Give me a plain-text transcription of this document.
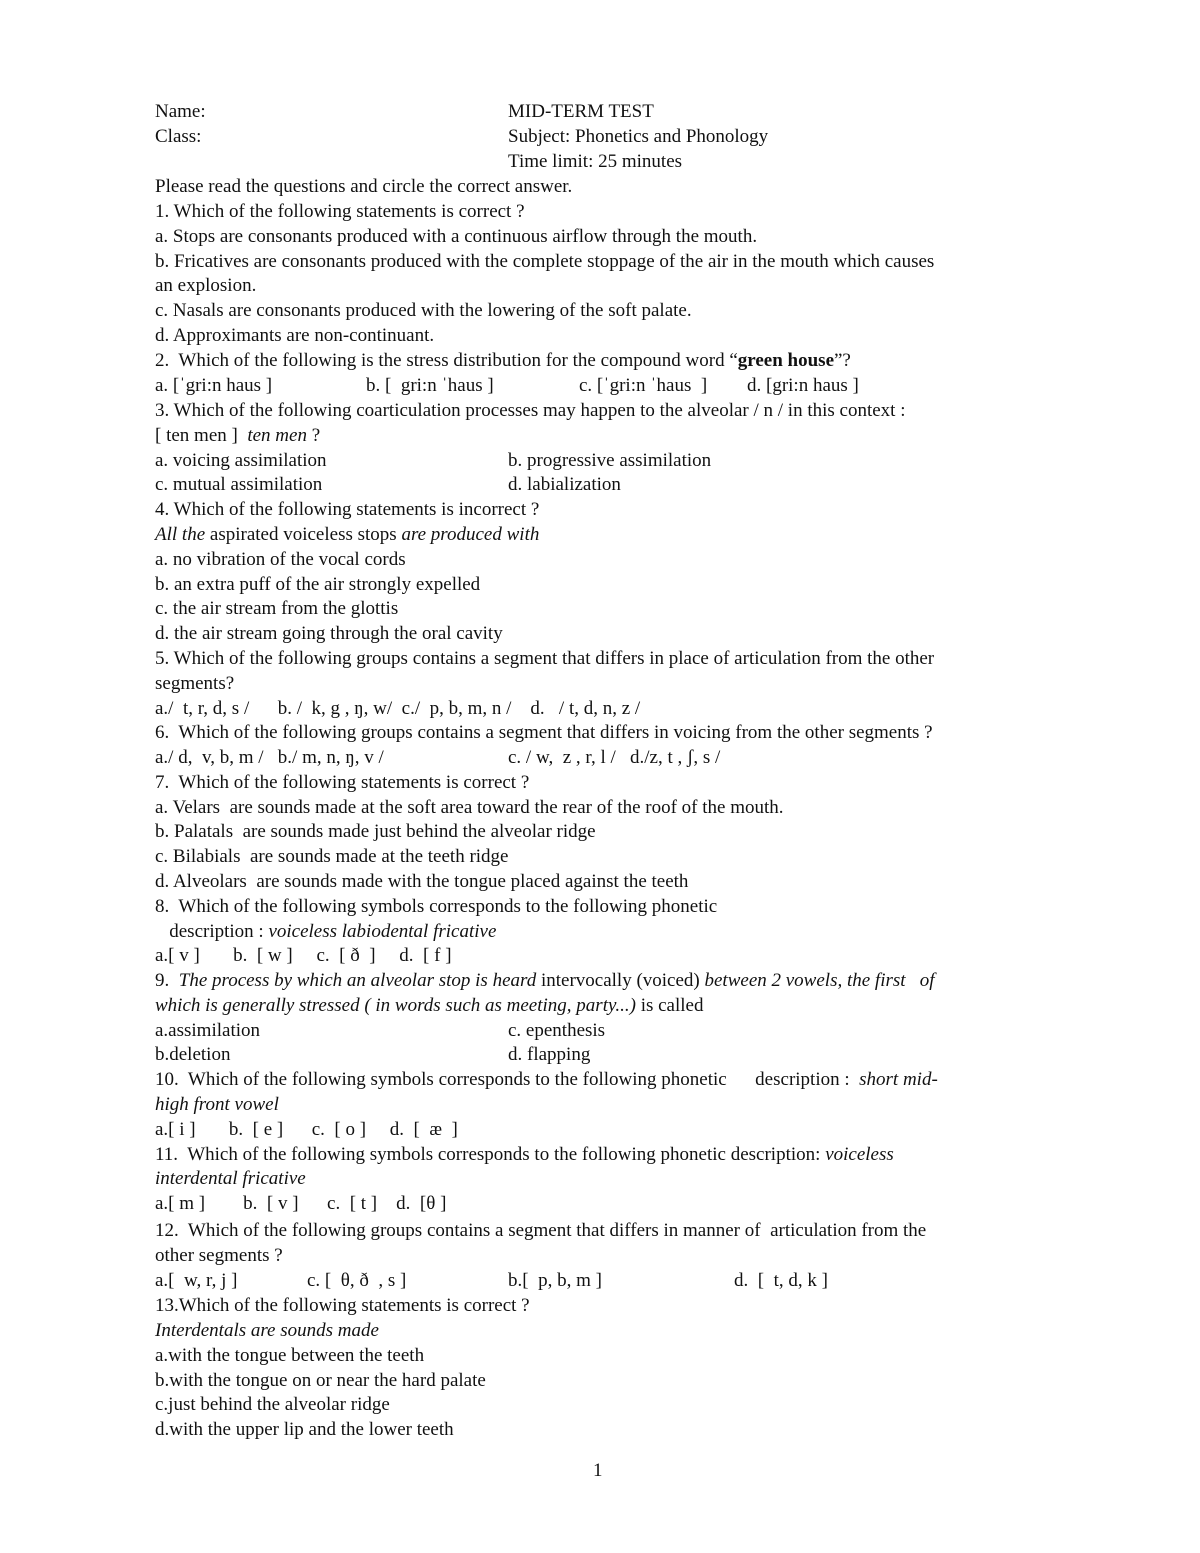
Name:	MID-TERM TEST
Class:	Subject: Phonetics and Phonology
Time limit: 25 minutes
Please read the questions and circle the correct answer.
1. Which of the following statements is correct ?
a. Stops are consonants produced with a continuous airflow through the mouth.
b. Fricatives are consonants produced with the complete stoppage of the air in the mouth which causes
an explosion.
c. Nasals are consonants produced with the lowering of the soft palate.
d. Approximants are non-continuant.
2.  Which of the following is the stress distribution for the compound word “green house”?
a. [ˈgri:n haus ]	b. [  gri:n ˈhaus ]	c. [ˈgri:n ˈhaus  ] d. [gri:n haus ]
3. Which of the following coarticulation processes may happen to the alveolar / n / in this context :
[ ten men ]  ten men ?
a. voicing assimilation	b. progressive assimilation
c. mutual assimilation	d. labialization
4. Which of the following statements is incorrect ?
All the aspirated voiceless stops are produced with
a. no vibration of the vocal cords
b. an extra puff of the air strongly expelled
c. the air stream from the glottis
d. the air stream going through the oral cavity
5. Which of the following groups contains a segment that differs in place of articulation from the other
segments?
a./  t, r, d, s /      b. /  k, g , ŋ, w/  c./  p, b, m, n /    d.   / t, d, n, z /
6.  Which of the following groups contains a segment that differs in voicing from the other segments ?
a./ d,  v, b, m /   b./ m, n, ŋ, v /	c. / w,  z , r, l /   d./z, t , ʃ, s /
7.  Which of the following statements is correct ?
a. Velars  are sounds made at the soft area toward the rear of the roof of the mouth.
b. Palatals  are sounds made just behind the alveolar ridge
c. Bilabials  are sounds made at the teeth ridge
d. Alveolars  are sounds made with the tongue placed against the teeth
8.  Which of the following symbols corresponds to the following phonetic
description : voiceless labiodental fricative
a.[ v ]       b.  [ w ]     c.  [ ð  ]     d.  [ f ]
9.  The process by which an alveolar stop is heard intervocally (voiced) between 2 vowels, the first   of
which is generally stressed ( in words such as meeting, party...) is called
a.assimilation	c. epenthesis
b.deletion	d. flapping
10.  Which of the following symbols corresponds to the following phonetic      description :  short mid-
high front vowel
a.[ i ]       b.  [ e ]      c.  [ o ]     d.  [  æ  ]
11.  Which of the following symbols corresponds to the following phonetic description: voiceless
interdental fricative
a.[ m ]        b.  [ v ]      c.  [ t ]    d.  [θ ]
12.  Which of the following groups contains a segment that differs in manner of  articulation from the
other segments ?
a.[  w, r, j ]	c. [  θ, ð  , s ]	b.[  p, b, m ]	d.  [  t, d, k ]
13.Which of the following statements is correct ?
Interdentals are sounds made
a.with the tongue between the teeth
b.with the tongue on or near the hard palate
c.just behind the alveolar ridge
d.with the upper lip and the lower teeth
1
